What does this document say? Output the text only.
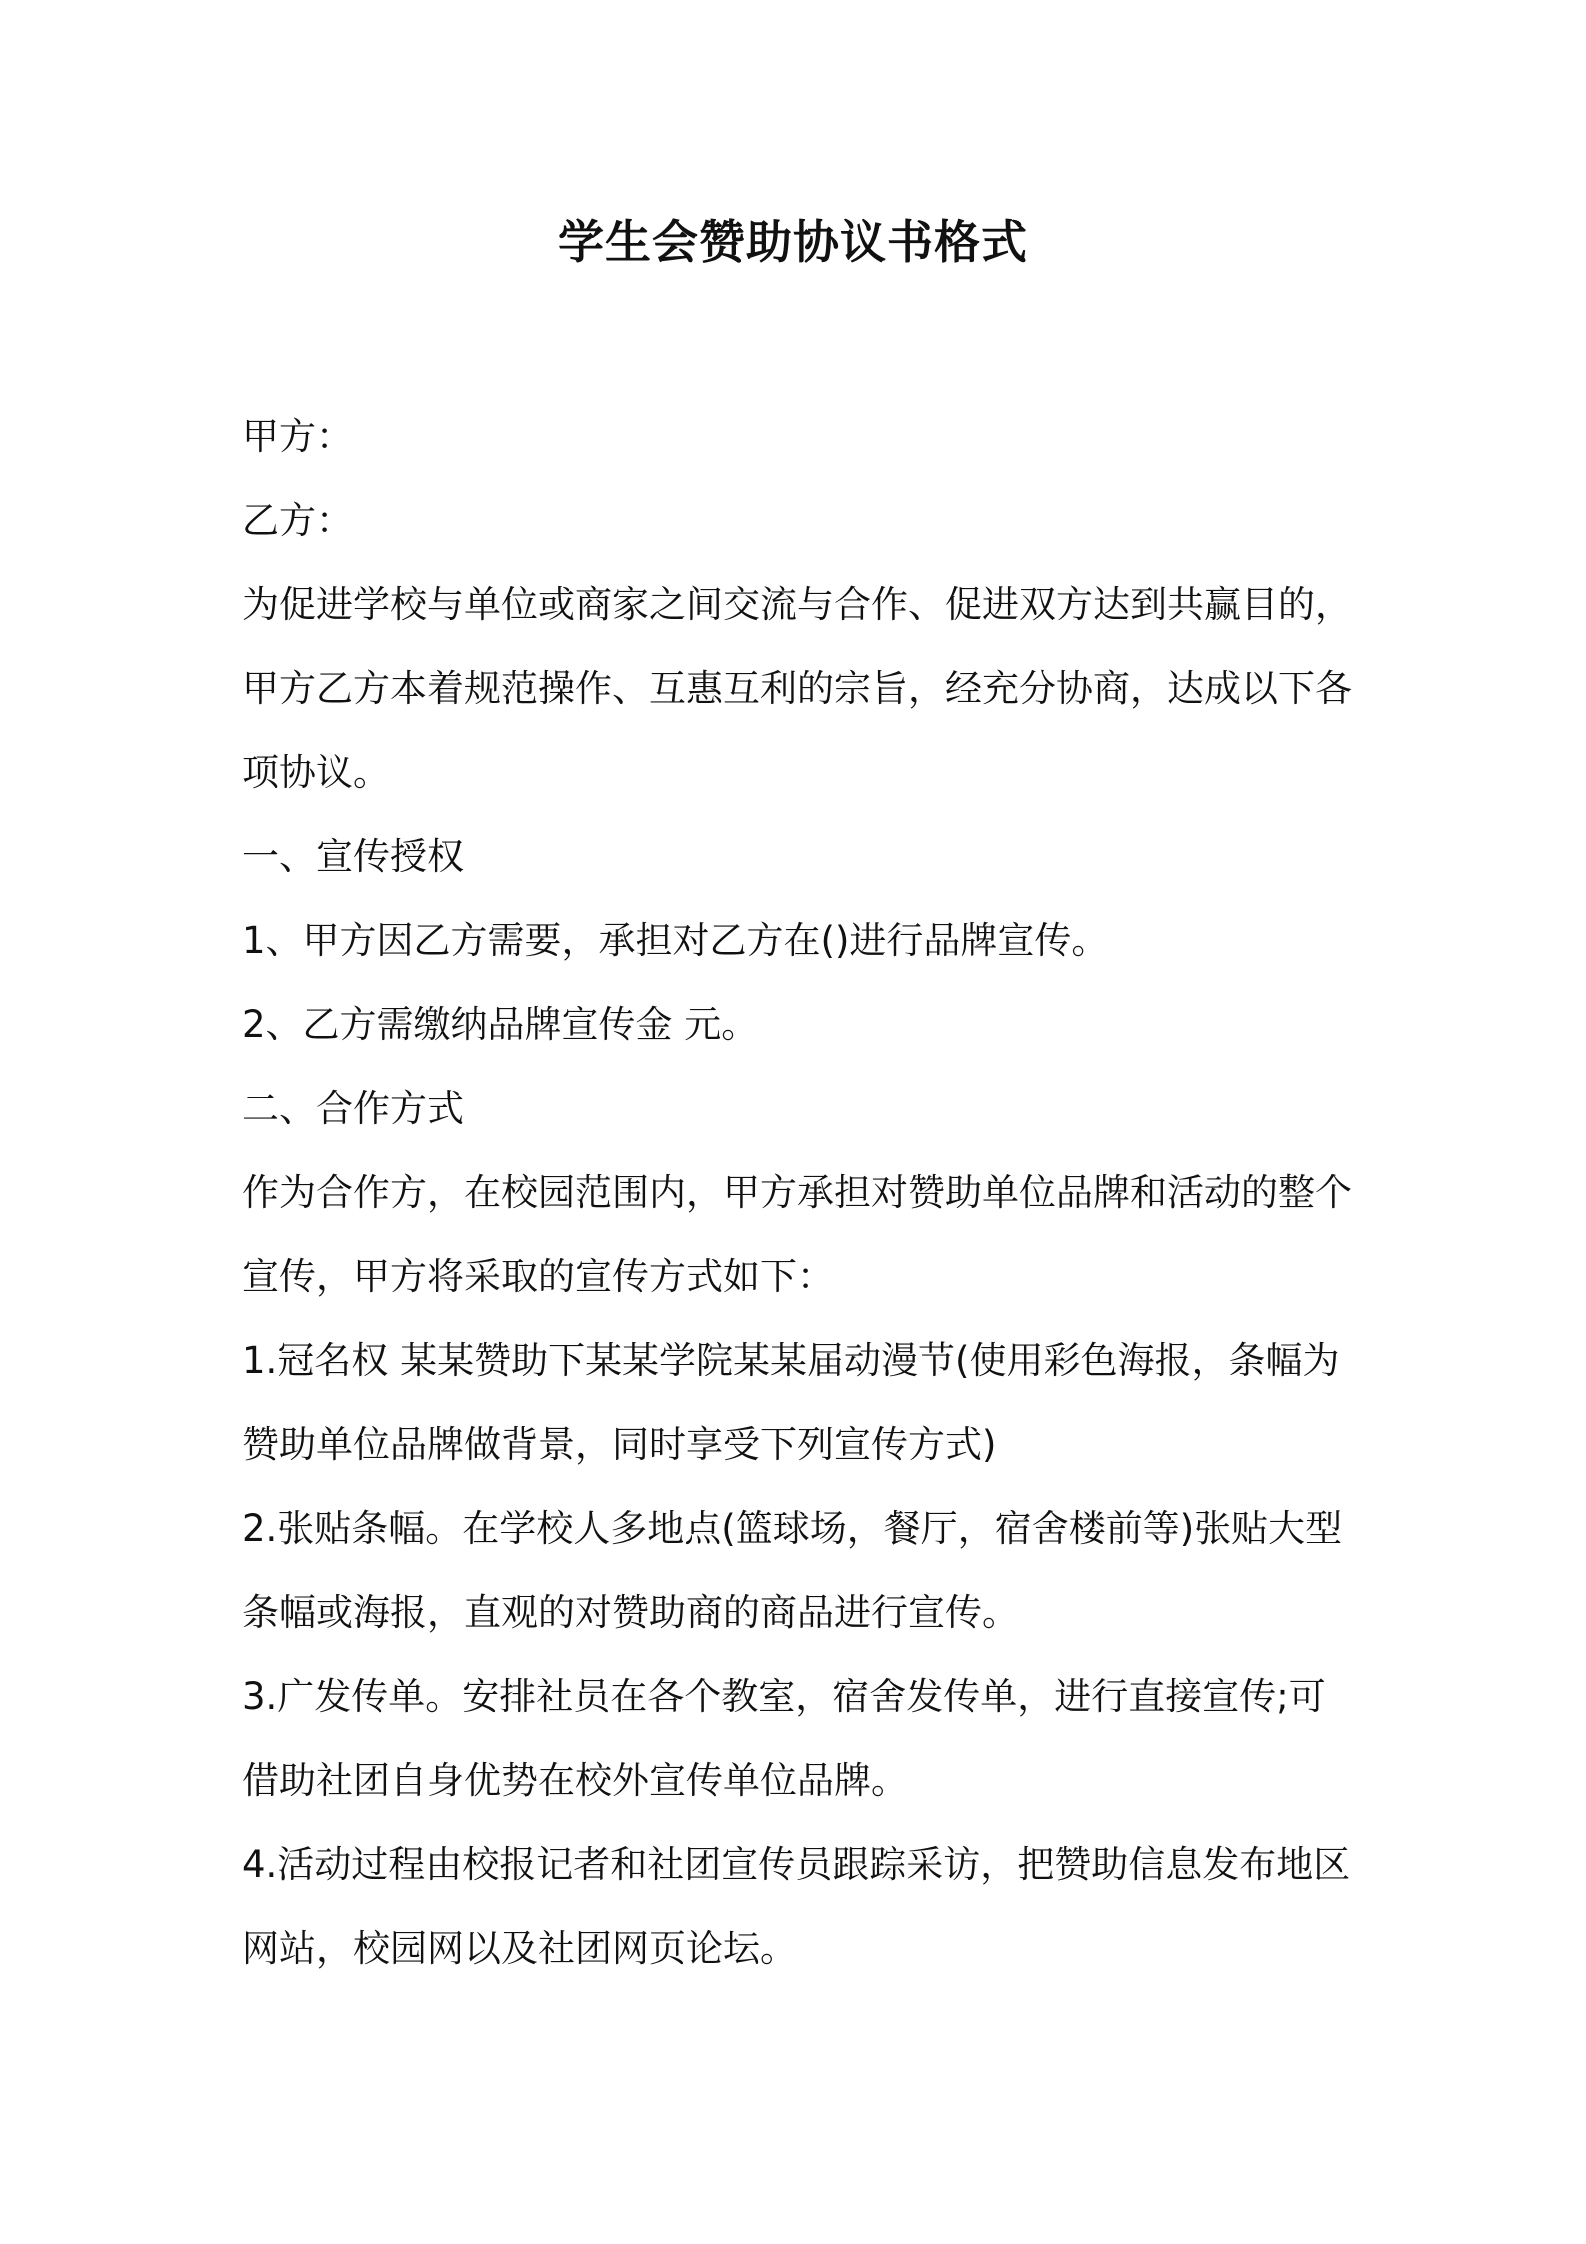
学生会赞助协议书格式
甲方：
乙方：
为促进学校与单位或商家之间交流与合作、促进双方达到共赢目的，
甲方乙方本着规范操作、互惠互利的宗旨，经充分协商，达成以下各
项协议。
一、宣传授权
1、甲方因乙方需要，承担对乙方在()进行品牌宣传。
2、乙方需缴纳品牌宣传金 元。
二、合作方式
作为合作方，在校园范围内，甲方承担对赞助单位品牌和活动的整个
宣传，甲方将采取的宣传方式如下：
1.冠名权 某某赞助下某某学院某某届动漫节(使用彩色海报，条幅为
赞助单位品牌做背景，同时享受下列宣传方式)
2.张贴条幅。在学校人多地点(篮球场，餐厅，宿舍楼前等)张贴大型
条幅或海报，直观的对赞助商的商品进行宣传。
3.广发传单。安排社员在各个教室，宿舍发传单，进行直接宣传;可
借助社团自身优势在校外宣传单位品牌。
4.活动过程由校报记者和社团宣传员跟踪采访，把赞助信息发布地区
网站，校园网以及社团网页论坛。
